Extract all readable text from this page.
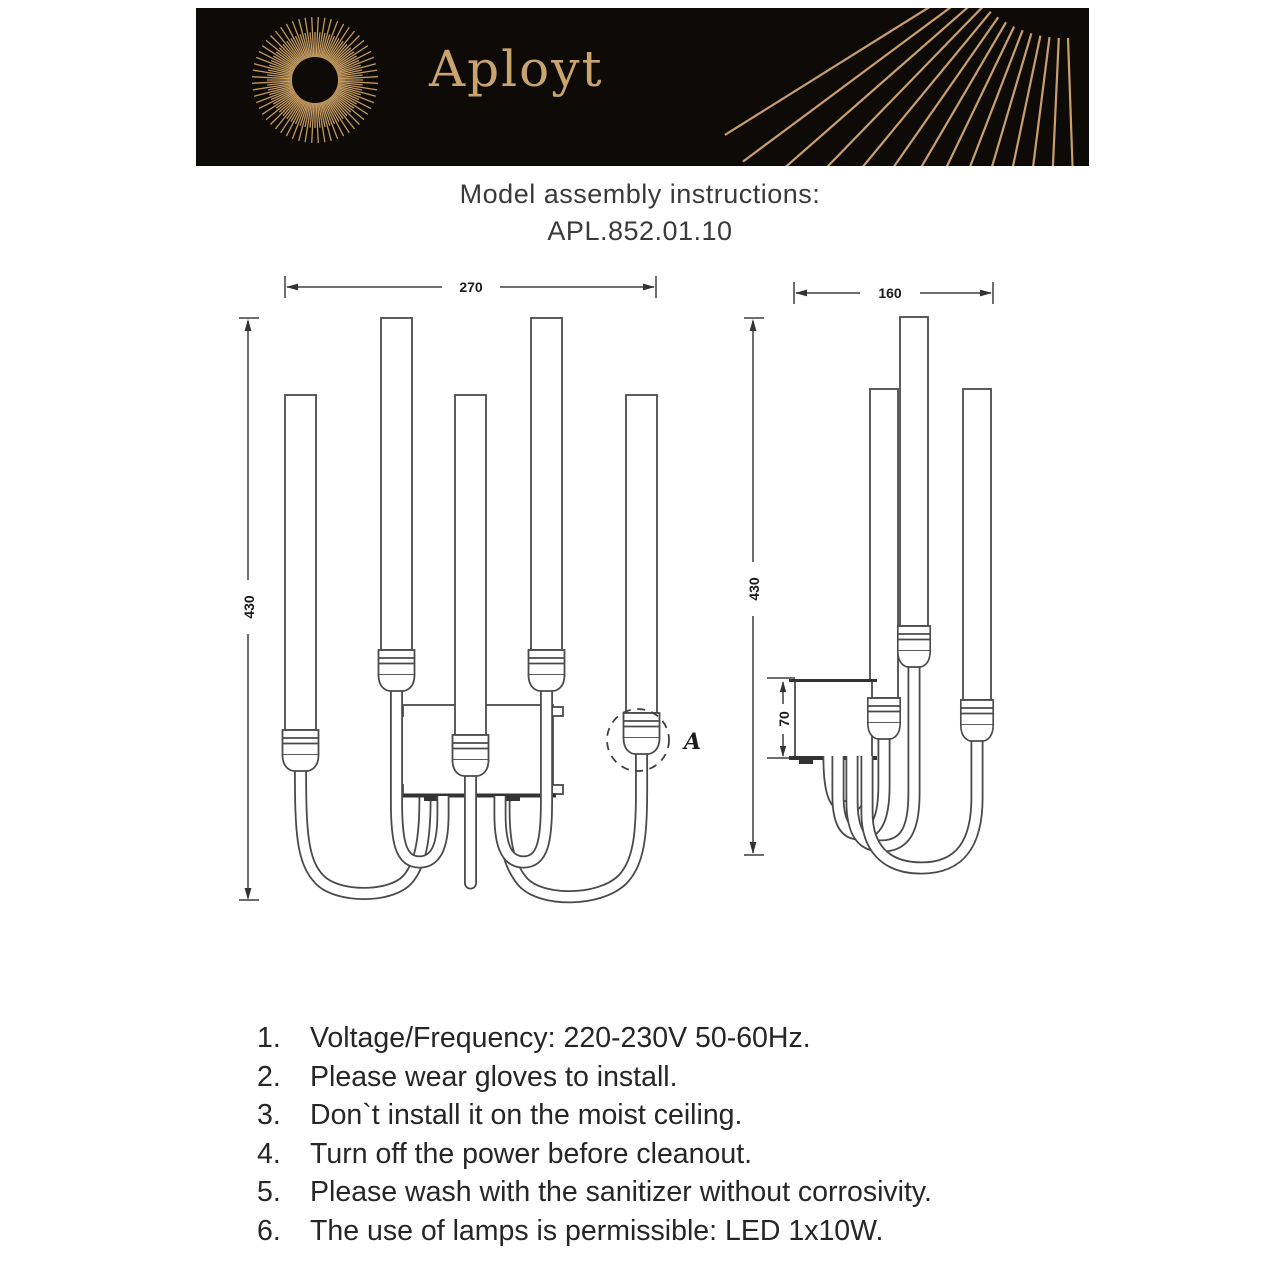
Aployt
Model assembly instructions:
APL.852.01.10
270
430
A
160
430
70
1.	Voltage/Frequency: 220-230V 50-60Hz.
2.	Please wear gloves to install.
3.	Don`t install it on the moist ceiling.
4.	Turn off the power before cleanout.
5.	Please wash with the sanitizer without corrosivity.
6.	The use of lamps is permissible: LED 1x10W.
